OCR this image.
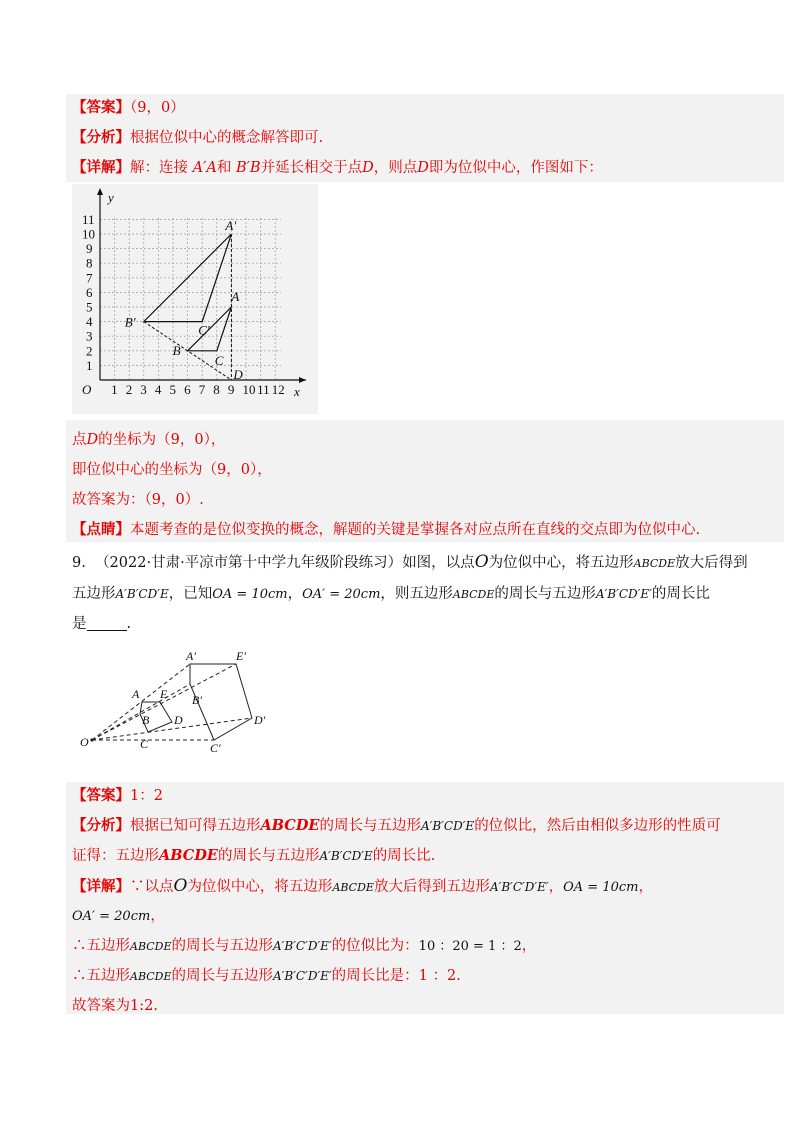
【答案】（9，0）
【分析】根据位似中心的概念解答即可.
【详解】解：连接 A′A和 B′B并延长相交于点D，则点D即为位似中心，作图如下：
1 2 3 4 5 6 7 8 9 10 11 12
1
2
3
4
5
6
7
8
9
10
11
O
y
x
A'
B'
C'
A
B
C
D
点D的坐标为（9，0），
即位似中心的坐标为（9，0），
故答案为：（9，0）.
【点睛】本题考查的是位似变换的概念，解题的关键是掌握各对应点所在直线的交点即为位似中心.
9. （2022·甘肃·平凉市第十中学九年级阶段练习）如图，以点O为位似中心，将五边形ABCDE放大后得到
五边形A′B′CD′E，已知OA = 10cm，OA′ = 20cm，则五边形ABCDE的周长与五边形A′B′CD′E′的周长比
是	.
A′	E′
B′
D′
C′
A E
B D
C
O
【答案】1：2
【分析】根据已知可得五边形ABCDE的周长与五边形A′B′CD′E的位似比，然后由相似多边形的性质可
证得：五边形ABCDE的周长与五边形A′B′CD′E的周长比.
【详解】∵以点O为位似中心，将五边形ABCDE放大后得到五边形A′B′C′D′E′，OA = 10cm，
OA′ = 20cm，
∴五边形ABCDE的周长与五边形A′B′C′D′E′的位似比为：10 ：20 = 1 ：2，
∴五边形ABCDE的周长与五边形A′B′C′D′E′的周长比是：1 ：2.
故答案为1:2.
